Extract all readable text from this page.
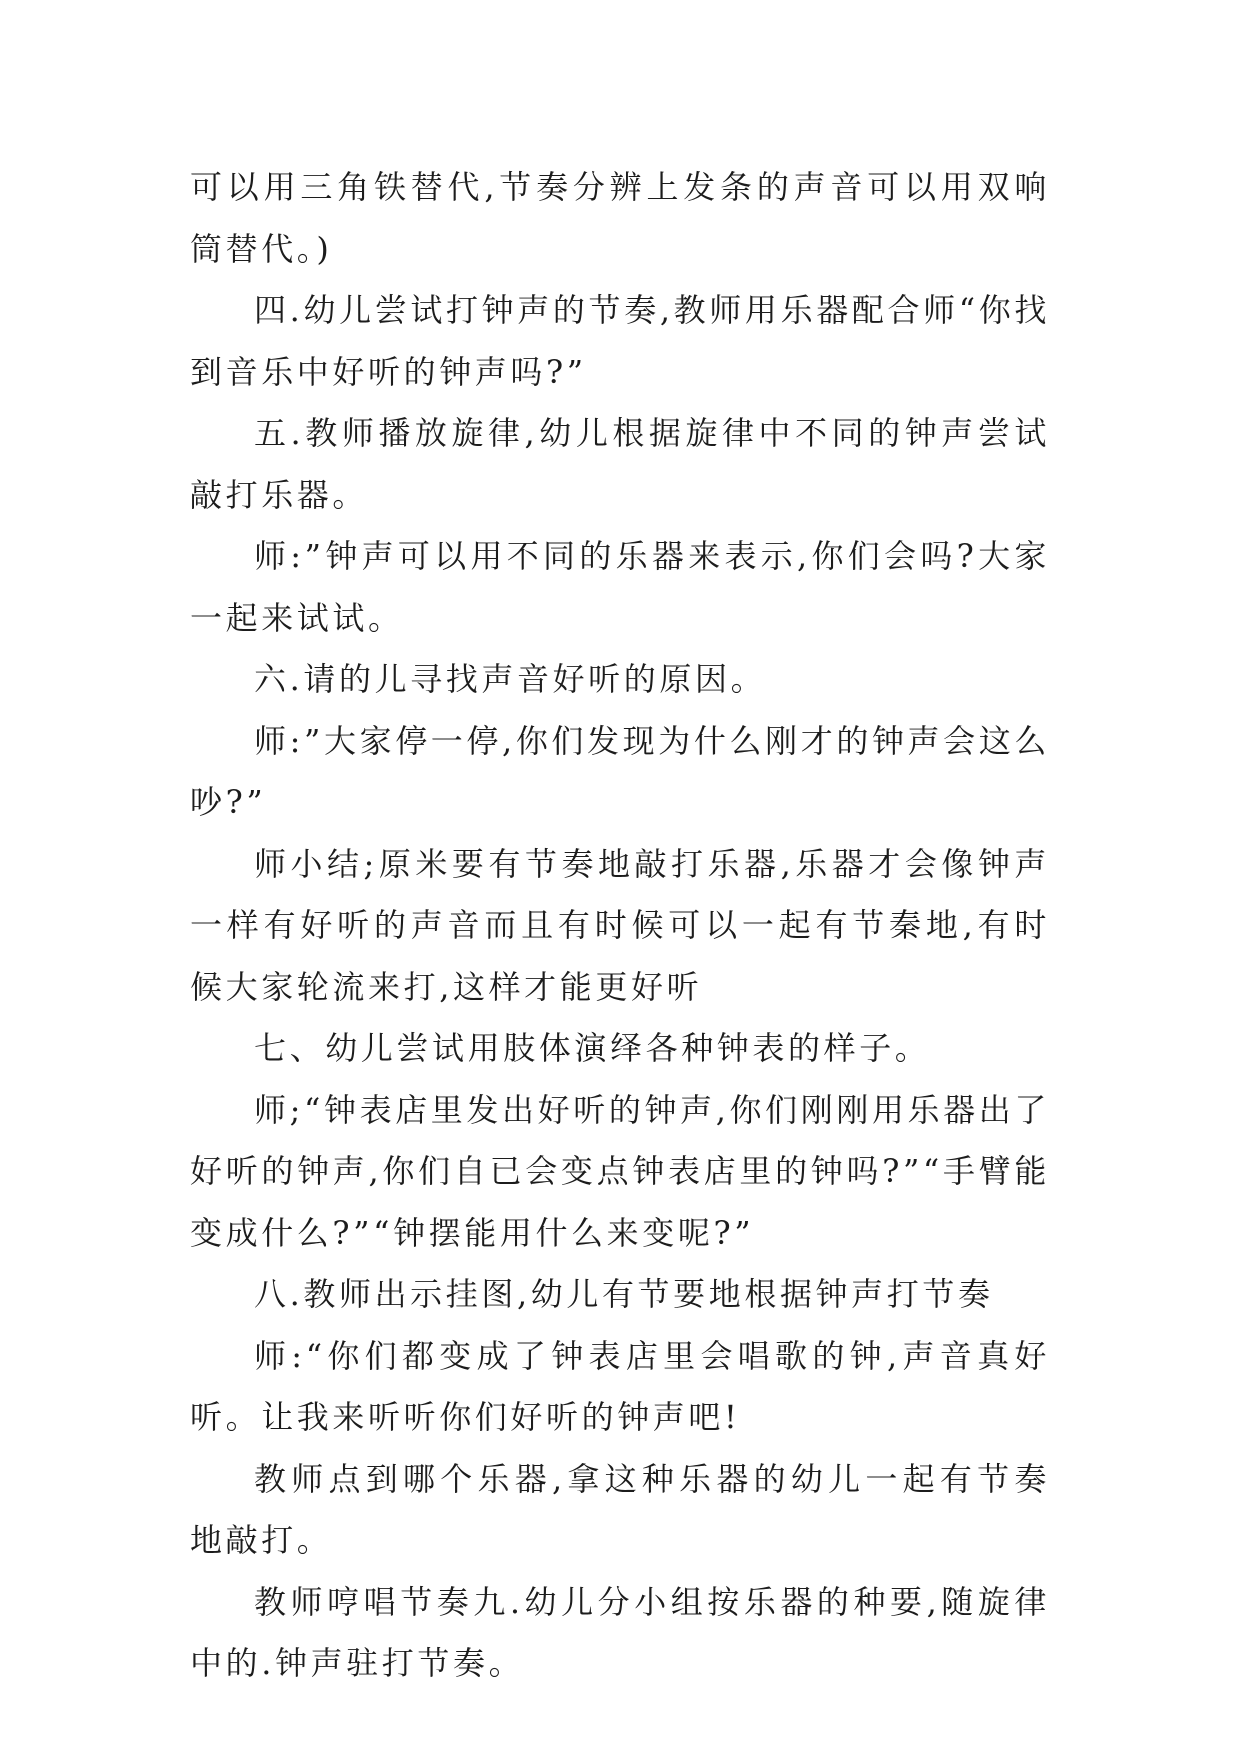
可以用三角铁替代,节奏分辨上发条的声音可以用双响筒替代。)

四.幼儿尝试打钟声的节奏,教师用乐器配合师“你找到音乐中好听的钟声吗?”

五.教师播放旋律,幼儿根据旋律中不同的钟声尝试敲打乐器。

师:”钟声可以用不同的乐器来表示,你们会吗?大家一起来试试。

六.请的儿寻找声音好听的原因。

师:”大家停一停,你们发现为什么刚才的钟声会这么吵?”

师小结;原米要有节奏地敲打乐器,乐器才会像钟声一样有好听的声音而且有时候可以一起有节秦地,有时候大家轮流来打,这样才能更好听

七、幼儿尝试用肢体演绎各种钟表的样子。

师;“钟表店里发出好听的钟声,你们刚刚用乐器出了好听的钟声,你们自已会变点钟表店里的钟吗?”“手臂能变成什么?”“钟摆能用什么来变呢?”

八.教师出示挂图,幼儿有节要地根据钟声打节奏

师:“你们都变成了钟表店里会唱歌的钟,声音真好听。让我来听听你们好听的钟声吧!

教师点到哪个乐器,拿这种乐器的幼儿一起有节奏地敲打。

教师哼唱节奏九.幼儿分小组按乐器的种要,随旋律中的.钟声驻打节奏。
